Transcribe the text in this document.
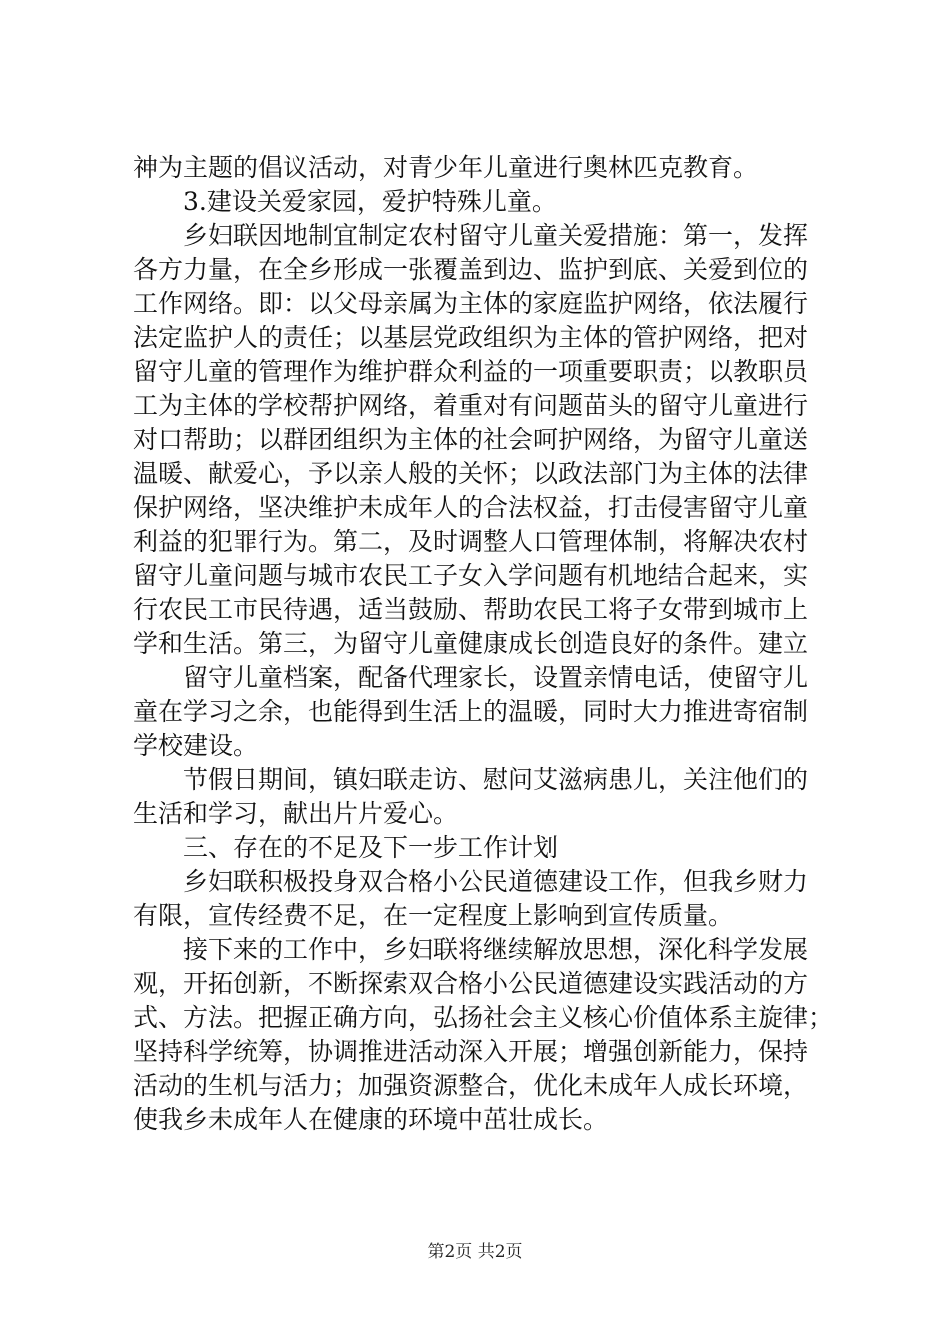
神为主题的倡议活动，对青少年儿童进行奥林匹克教育。
3.建设关爱家园，爱护特殊儿童。
乡妇联因地制宜制定农村留守儿童关爱措施：第一，发挥
各方力量，在全乡形成一张覆盖到边、监护到底、关爱到位的
工作网络。即：以父母亲属为主体的家庭监护网络，依法履行
法定监护人的责任；以基层党政组织为主体的管护网络，把对
留守儿童的管理作为维护群众利益的一项重要职责；以教职员
工为主体的学校帮护网络，着重对有问题苗头的留守儿童进行
对口帮助；以群团组织为主体的社会呵护网络，为留守儿童送
温暖、献爱心，予以亲人般的关怀；以政法部门为主体的法律
保护网络，坚决维护未成年人的合法权益，打击侵害留守儿童
利益的犯罪行为。第二，及时调整人口管理体制，将解决农村
留守儿童问题与城市农民工子女入学问题有机地结合起来，实
行农民工市民待遇，适当鼓励、帮助农民工将子女带到城市上
学和生活。第三，为留守儿童健康成长创造良好的条件。建立
留守儿童档案，配备代理家长，设置亲情电话，使留守儿
童在学习之余，也能得到生活上的温暖，同时大力推进寄宿制
学校建设。
节假日期间，镇妇联走访、慰问艾滋病患儿，关注他们的
生活和学习，献出片片爱心。
三、存在的不足及下一步工作计划
乡妇联积极投身双合格小公民道德建设工作，但我乡财力
有限，宣传经费不足，在一定程度上影响到宣传质量。
接下来的工作中，乡妇联将继续解放思想，深化科学发展
观，开拓创新，不断探索双合格小公民道德建设实践活动的方
式、方法。把握正确方向，弘扬社会主义核心价值体系主旋律；
坚持科学统筹，协调推进活动深入开展；增强创新能力，保持
活动的生机与活力；加强资源整合，优化未成年人成长环境，
使我乡未成年人在健康的环境中茁壮成长。
第2页 共2页
